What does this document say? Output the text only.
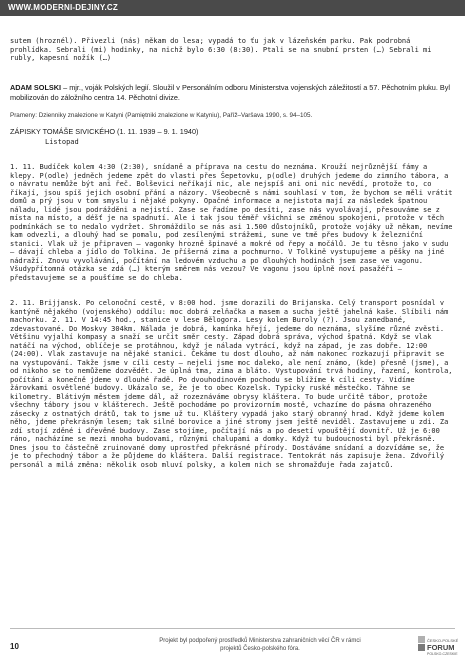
WWW.MODERNI-DEJINY.CZ

sutem (hroznél). Přivezli (nás) někam do lesa; vypadá to ťu jak v lázeňském parku. Pak podrobná prohlídka. Sebrali (mi) hodinky, na nichž bylo 6:30 (8:30). Ptali se na snubní prsten (…) Sebrali mi rubly, kapesní nožík (…)

ADAM SOLSKI – mjr., voják Polských legií. Sloužil v Personálním odboru Ministerstva vojenských záležitostí a 57. Pěchotním pluku. Byl mobilizován do záložního centra 14. Pěchotní divize.
Prameny: Dzienniky znalezione w Katyni (Pamiętniki znalezione w Katyniu), Paříž–Varšava 1990, s. 94–105.
ZÁPISKY TOMÁŠE SIVICKÉHO (1. 11. 1939 – 9. 1. 1940)
Listopad

1. 11. Budíček kolem 4:30 (2:30), snídaně a příprava na cestu do neznáma. Krouží nejrůznější fámy a klepy. P(odle) jedněch jedeme zpět do vlasti přes Šepetovku, p(odle) druhých jedeme do zimního tábora, a o návratu nemůže být ani řeč. Bolševici neříkají nic, ale nejspíš ani oni nic nevědí, protože to, co říkají, jsou spíš jejich osobní přání a názory. Všeobecně s námi souhlasí v tom, že bychom se měli vrátit domů a prý jsou v tom smyslu i nějaké pokyny. Opačné informace a nejistota mají za následek špatnou náladu, lidé jsou podrážděni a nejistí. Zase se řadíme po desíti, zase nás vyvolávají, přesouváme se z místa na místo, a déšť je na spadnutí. Ale i tak jsou téměř všichni se změnou spokojeni, protože v těch podmínkách se to nedalo vydržet. Shromáždilo se nás asi 1.500 důstojníků, protože vojáky už někam, nevíme kam odvezli, a dlouhý had se pomalu, pod zesílenými strážemi, sune ve tmě přes budovy k železniční stanici. Vlak už je připraven – vagonky hrozně špinavé a mokré od řepy a močálů. Je tu těsno jako v sudu – dávají chleba a jídlo do Tolkina. Je příšerná zima a pochmurno. V Tolkině vystupujeme a pěšky na jiné nádraží. Znovu vyvolávání, počítání na ledovém vzduchu a po dlouhých hodinách jsem zase ve vagonu. Všudypřítomná otázka se zdá (…) kterým směrem nás vezou? Ve vagonu jsou úplně noví pasažéři – představujeme se a poušťíme se do chleba.

2. 11. Brijjansk. Po celonoční cestě, v 8:00 hod. jsme dorazili do Brijanska. Celý transport posnídal v kantýně nějakého (vojenského) oddílu: moc dobrá zelňačka a masem a sucha ještě jahelná kaše. Slíbili nám machorku. 2. 11. V 14:45 hod., stanice v lese Bělogora. Lesy kolem Buroly (?). Jsou zanedbané, zdevastované. Do Moskvy 304km. Nálada je dobrá, kamínka hřejí, jedeme do neznáma, slyšíme různé zvěsti. Většinu vyjalhí kompasy a snaží se určit směr cesty. Západ dobrá správa, východ špatná. Když se vlak natáčí na východ, oblíčeje se protáhnou, když je nálada vytrácí, když na západ, je zas dobře. 12:00 (24:00). Vlak zastavuje na nějaké stanici. Čekáme tu dost dlouho, až nám nakonec rozkazují připravit se na vystupování. Takže jsme v cíli cesty – nejeli jsme moc daleko, ale není známo, (kde) přesně (jsme), a od nikoho se to nemůžeme dozvědět. Je úplná tma, zima a bláto. Vystupování trvá hodiny, řazení, kontrola, počítání a konečně jdeme v dlouhé řadě. Po dvouhodinovém pochodu se blížíme k cíli cesty. Vidíme žárovkami osvětlené budovy. Ukázalo se, že je to obec Kozelsk. Typicky ruské městečko. Táhne se kilometry. Blátivým městem jdeme dál, až rozeznáváme obrysy kláštera. To bude určitě tábor, protože všechny tábory jsou v klášterech. Ještě pochodáme po provizorním mostě, vchazíme do pásma ohrazeného zásecky z ostnatých drátů, tak to jsme už tu. Kláštery vypadá jako starý obranný hrad. Když jdeme kolem něho, jdeme překrásným lesem; tak silné borovice a jiné stromy jsem ještě neviděl. Zastavujeme u zdi. Za zdí stojí zděné i dřevěné budovy. Zase stojíme, počítají nás a po desetí vpouštějí dovnitř. Už je 6:00 ráno, nacházíme se mezi mnoha budovami, různými chalupami a domky. Když tu budoucnosti byl překrásně. Dnes jsou to částečně zruinované domy uprostřed překrásné přírody. Dostáváme snídaní a dozvídáme se, že je to přechodný tábor a že půjdeme do kláštera. Další registrace. Tentokrát nás zapisuje žena. Zdvořilý personál a milá změna: několik osob mluví polsky, a kolem nich se shromažďuje řada zajatců.

10
Projekt byl podpořený prostředků Ministerstva zahraničních věcí ČR v rámci
projektů Česko-polského fóra.
ČESKO-POLSKÉ
FORUM
POLSKO-CZESKIE
